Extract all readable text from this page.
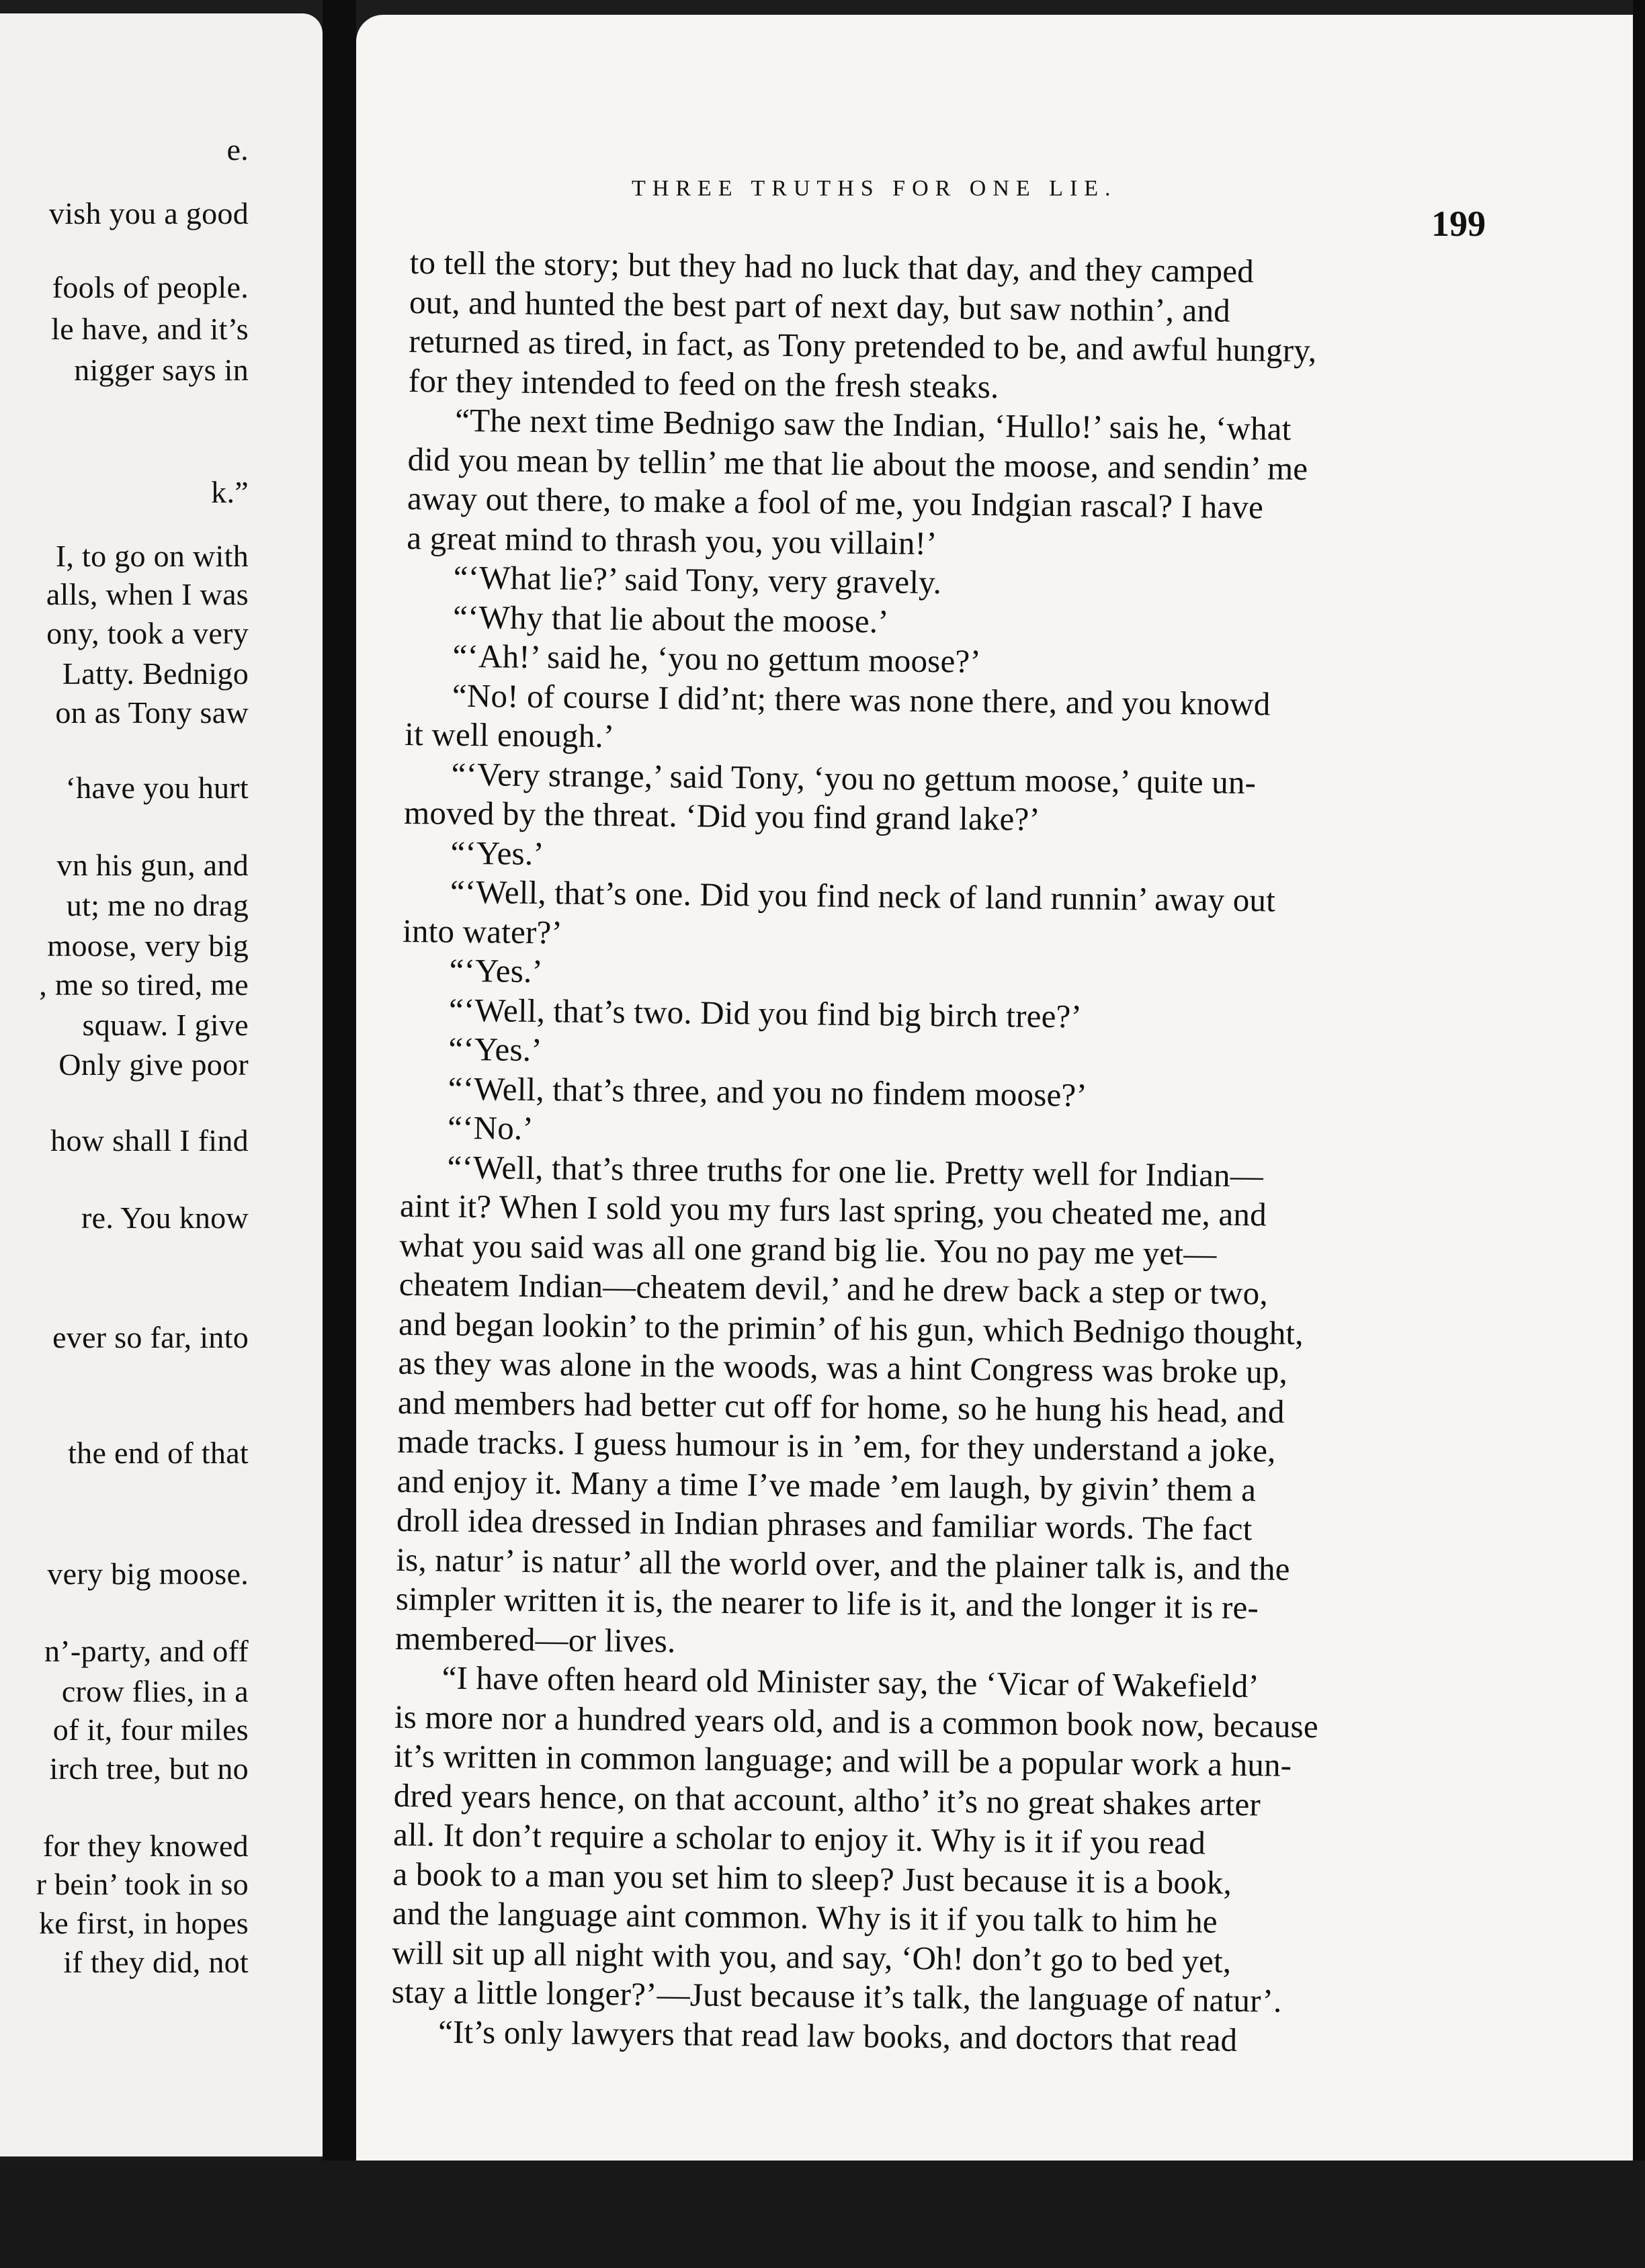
e.
vish you a good
fools of people.
le have, and it’s
nigger says in
k.”
I, to go on with
alls, when I was
ony, took a very
Latty. Bednigo
on as Tony saw
‘have you hurt
vn his gun, and
ut; me no drag
moose, very big
, me so tired, me
squaw. I give
Only give poor
how shall I find
re. You know
ever so far, into
the end of that
very big moose.
n’-party, and off
crow flies, in a
of it, four miles
irch tree, but no
for they knowed
r bein’ took in so
ke first, in hopes
if they did, not
THREE TRUTHS FOR ONE LIE.
199
to tell the story; but they had no luck that day, and they camped
out, and hunted the best part of next day, but saw nothin’, and
returned as tired, in fact, as Tony pretended to be, and awful hungry,
for they intended to feed on the fresh steaks.
“The next time Bednigo saw the Indian, ‘Hullo!’ sais he, ‘what
did you mean by tellin’ me that lie about the moose, and sendin’ me
away out there, to make a fool of me, you Indgian rascal? I have
a great mind to thrash you, you villain!’
“‘What lie?’ said Tony, very gravely.
“‘Why that lie about the moose.’
“‘Ah!’ said he, ‘you no gettum moose?’
“No! of course I did’nt; there was none there, and you knowd
it well enough.’
“‘Very strange,’ said Tony, ‘you no gettum moose,’ quite un-
moved by the threat. ‘Did you find grand lake?’
“‘Yes.’
“‘Well, that’s one. Did you find neck of land runnin’ away out
into water?’
“‘Yes.’
“‘Well, that’s two. Did you find big birch tree?’
“‘Yes.’
“‘Well, that’s three, and you no findem moose?’
“‘No.’
“‘Well, that’s three truths for one lie. Pretty well for Indian—
aint it? When I sold you my furs last spring, you cheated me, and
what you said was all one grand big lie. You no pay me yet—
cheatem Indian—cheatem devil,’ and he drew back a step or two,
and began lookin’ to the primin’ of his gun, which Bednigo thought,
as they was alone in the woods, was a hint Congress was broke up,
and members had better cut off for home, so he hung his head, and
made tracks. I guess humour is in ’em, for they understand a joke,
and enjoy it. Many a time I’ve made ’em laugh, by givin’ them a
droll idea dressed in Indian phrases and familiar words. The fact
is, natur’ is natur’ all the world over, and the plainer talk is, and the
simpler written it is, the nearer to life is it, and the longer it is re-
membered—or lives.
“I have often heard old Minister say, the ‘Vicar of Wakefield’
is more nor a hundred years old, and is a common book now, because
it’s written in common language; and will be a popular work a hun-
dred years hence, on that account, altho’ it’s no great shakes arter
all. It don’t require a scholar to enjoy it. Why is it if you read
a book to a man you set him to sleep? Just because it is a book,
and the language aint common. Why is it if you talk to him he
will sit up all night with you, and say, ‘Oh! don’t go to bed yet,
stay a little longer?’—Just because it’s talk, the language of natur’.
“It’s only lawyers that read law books, and doctors that read
